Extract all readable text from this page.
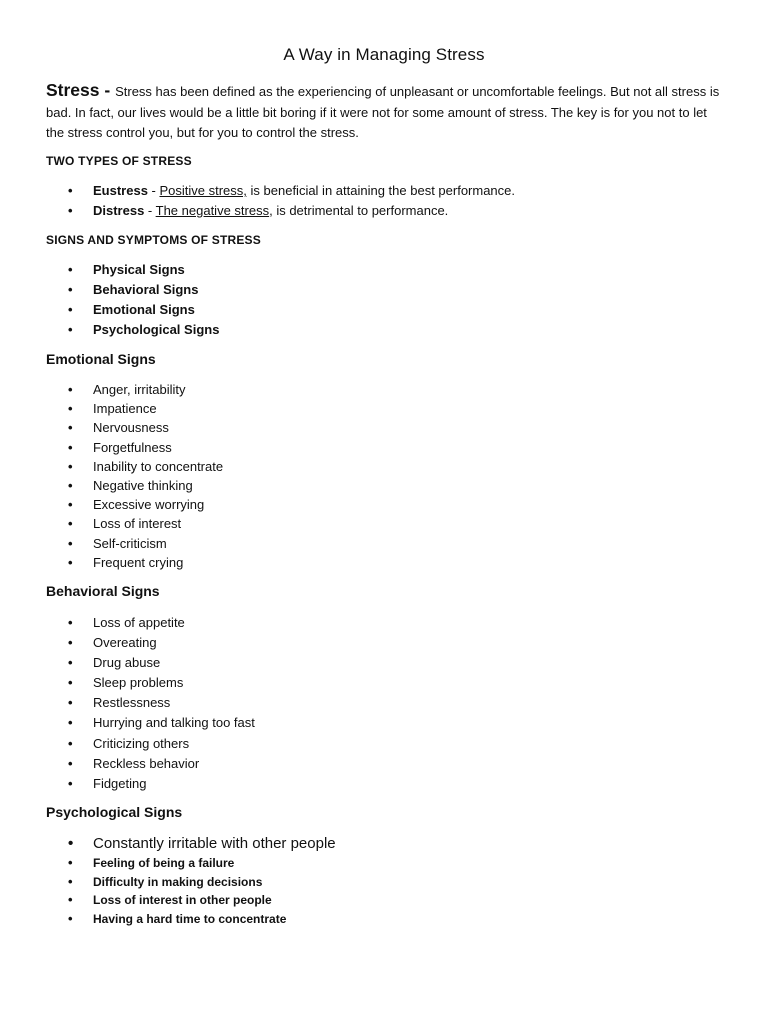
A Way in Managing Stress

Stress - Stress has been defined as the experiencing of unpleasant or uncomfortable feelings. But not all stress is bad. In fact, our lives would be a little bit boring if it were not for some amount of stress. The key is for you not to let the stress control you, but for you to control the stress.

TWO TYPES OF STRESS
• Eustress - Positive stress, is beneficial in attaining the best performance.
• Distress - The negative stress, is detrimental to performance.
SIGNS AND SYMPTOMS OF STRESS
• Physical Signs
• Behavioral Signs
• Emotional Signs
• Psychological Signs
Emotional Signs
• Anger, irritability
• Impatience
• Nervousness
• Forgetfulness
• Inability to concentrate
• Negative thinking
• Excessive worrying
• Loss of interest
• Self-criticism
• Frequent crying
Behavioral Signs
• Loss of appetite
• Overeating
• Drug abuse
• Sleep problems
• Restlessness
• Hurrying and talking too fast
• Criticizing others
• Reckless behavior
• Fidgeting
Psychological Signs
• Constantly irritable with other people
• Feeling of being a failure
• Difficulty in making decisions
• Loss of interest in other people
• Having a hard time to concentrate
